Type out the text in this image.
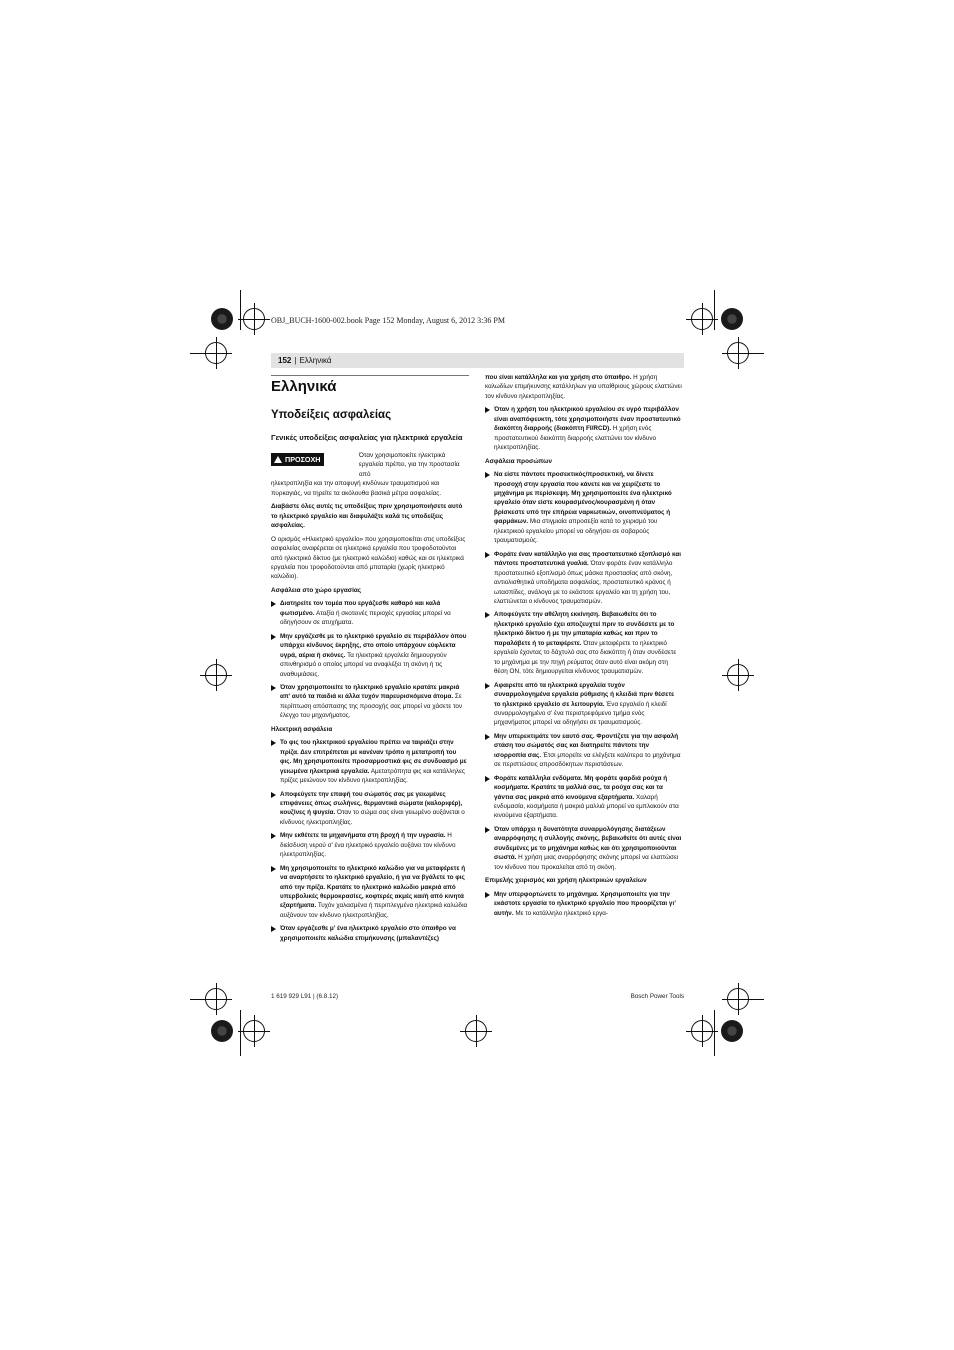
OBJ_BUCH-1600-002.book Page 152 Monday, August 6, 2012 3:36 PM
152 | Ελληνικά
Ελληνικά
Υποδείξεις ασφαλείας
Γενικές υποδείξεις ασφαλείας για ηλεκτρικά εργαλεία
ΠΡΟΣΟΧΗ	Όταν χρησιμοποιείτε ηλεκτρικά εργαλεία πρέπει, για την προστασία από

ηλεκτροπληξία και την αποφυγή κινδύνων τραυματισμού και πυρκαγιάς, να τηρείτε τα ακόλουθα βασικά μέτρα ασφαλείας.

Διαβάστε όλες αυτές τις υποδείξεις πριν χρησιμοποιήσετε αυτό το ηλεκτρικό εργαλείο και διαφυλάξτε καλά τις υποδείξεις ασφαλείας.

Ο ορισμός «Ηλεκτρικό εργαλείο» που χρησιμοποιείται στις υποδείξεις ασφαλείας αναφέρεται σε ηλεκτρικά εργαλεία που τροφοδοτούνται από ηλεκτρικό δίκτυο (με ηλεκτρικό καλώδιο) καθώς και σε ηλεκτρικά εργαλεία που τροφοδοτούνται από μπαταρία (χωρίς ηλεκτρικό καλώδιο).

Ασφάλεια στο χώρο εργασίας
Διατηρείτε τον τομέα που εργάζεσθε καθαρό και καλά φωτισμένο. Αταξία ή σκοτεινές περιοχές εργασίας μπορεί να οδηγήσουν σε ατυχήματα.
Μην εργάζεσθε με το ηλεκτρικό εργαλείο σε περιβάλλον όπου υπάρχει κίνδυνος έκρηξης, στο οποίο υπάρχουν εύφλεκτα υγρά, αέρια ή σκόνες. Τα ηλεκτρικά εργαλεία δημιουργούν σπινθηρισμό ο οποίος μπορεί να αναφλέξει τη σκόνη ή τις αναθυμιάσεις.
Όταν χρησιμοποιείτε το ηλεκτρικό εργαλείο κρατάτε μακριά απ’ αυτό τα παιδιά κι άλλα τυχόν παρευρισκόμενα άτομα. Σε περίπτωση απόσπασης της προσοχής σας μπορεί να χάσετε τον έλεγχο του μηχανήματος.
Ηλεκτρική ασφάλεια
Το φις του ηλεκτρικού εργαλείου πρέπει να ταιριάζει στην πρίζα. Δεν επιτρέπεται με κανέναν τρόπο η μετατροπή του φις. Μη χρησιμοποιείτε προσαρμοστικά φις σε συνδυασμό με γειωμένα ηλεκτρικά εργαλεία. Αμετατρόπητα φις και κατάλληλες πρίζες μειώνουν τον κίνδυνο ηλεκτροπληξίας.
Αποφεύγετε την επαφή του σώματός σας με γειωμένες επιφάνειες όπως σωλήνες, θερμαντικά σώματα (καλοριφέρ), κουζίνες ή ψυγεία. Όταν το σώμα σας είναι γειωμένο αυξάνεται ο κίνδυνος ηλεκτροπληξίας.
Μην εκθέτετε τα μηχανήματα στη βροχή ή την υγρασία. Η διείσδυση νερού σ’ ένα ηλεκτρικό εργαλείο αυξάνει τον κίνδυνο ηλεκτροπληξίας.
Μη χρησιμοποιείτε το ηλεκτρικό καλώδιο για να μεταφέρετε ή να αναρτήσετε το ηλεκτρικό εργαλείο, ή για να βγάλετε το φις από την πρίζα. Κρατάτε το ηλεκτρικό καλώδιο μακριά από υπερβολικές θερμοκρασίες, κοφτερές ακμές και/ή από κινητά εξαρτήματα. Τυχόν χαλασμένα ή περιπλεγμένα ηλεκτρικά καλώδια αυξάνουν τον κίνδυνο ηλεκτροπληξίας.
Όταν εργάζεσθε μ’ ένα ηλεκτρικό εργαλείο στο ύπαιθρο να χρησιμοποιείτε καλώδια επιμήκυνσης (μπαλαντέζες)

που είναι κατάλληλα και για χρήση στο ύπαιθρο. Η χρήση καλωδίων επιμήκυνσης κατάλληλων για υπαίθριους χώρους ελαττώνει τον κίνδυνο ηλεκτροπληξίας.

Όταν η χρήση του ηλεκτρικού εργαλείου σε υγρό περιβάλλον είναι αναπόφευκτη, τότε χρησιμοποιήστε έναν προστατευτικό διακόπτη διαρροής (διακόπτη FI/RCD). Η χρήση ενός προστατευτικού διακόπτη διαρροής ελαττώνει τον κίνδυνο ηλεκτροπληξίας.
Ασφάλεια προσώπων
Να είστε πάντοτε προσεκτικός/προσεκτική, να δίνετε προσοχή στην εργασία που κάνετε και να χειρίζεστε το μηχάνημα με περίσκεψη. Μη χρησιμοποιείτε ένα ηλεκτρικό εργαλείο όταν είστε κουρασμένος/κουρασμένη ή όταν βρίσκεστε υπό την επήρεια ναρκωτικών, οινοπνεύματος ή φαρμάκων. Μια στιγμιαία απροσεξία κατά το χειρισμό του ηλεκτρικού εργαλείου μπορεί να οδηγήσει σε σοβαρούς τραυματισμούς.
Φοράτε έναν κατάλληλο για σας προστατευτικό εξοπλισμό και πάντοτε προστατευτικά γυαλιά. Όταν φοράτε έναν κατάλληλο προστατευτικό εξοπλισμό όπως μάσκα προστασίας από σκόνη, αντιολισθητικά υποδήματα ασφαλείας, προστατευτικό κράνος ή ωτασπίδες, ανάλογα με το εκάστοτε εργαλείο και τη χρήση του, ελαττώνεται ο κίνδυνος τραυματισμών.
Αποφεύγετε την αθέλητη εκκίνηση. Βεβαιωθείτε ότι το ηλεκτρικό εργαλείο έχει αποζευχτεί πριν το συνδέσετε με το ηλεκτρικό δίκτυο ή με την μπαταρία καθώς και πριν το παραλάβετε ή το μεταφέρετε. Όταν μεταφέρετε το ηλεκτρικό εργαλείο έχοντας το δάχτυλό σας στο διακόπτη ή όταν συνδέσετε το μηχάνημα με την πηγή ρεύματος όταν αυτό είναι ακόμη στη θέση ON, τότε δημιουργείται κίνδυνος τραυματισμών.
Αφαιρείτε από τα ηλεκτρικά εργαλεία τυχόν συναρμολογημένα εργαλεία ρύθμισης ή κλειδιά πριν θέσετε το ηλεκτρικό εργαλείο σε λειτουργία. Ένα εργαλείο ή κλειδί συναρμολογημένο σ’ ένα περιστρεφόμενο τμήμα ενός μηχανήματος μπορεί να οδηγήσει σε τραυματισμούς.
Μην υπερεκτιμάτε τον εαυτό σας. Φροντίζετε για την ασφαλή στάση του σώματός σας και διατηρείτε πάντοτε την ισορροπία σας. Έτσι μπορείτε να ελέγξετε καλύτερα το μηχάνημα σε περιπτώσεις απροσδόκητων περιστάσεων.
Φοράτε κατάλληλα ενδύματα. Μη φοράτε φαρδιά ρούχα ή κοσμήματα. Κρατάτε τα μαλλιά σας, τα ρούχα σας και τα γάντια σας μακριά από κινούμενα εξαρτήματα. Χαλαρή ενδυμασία, κοσμήματα ή μακριά μαλλιά μπορεί να εμπλακούν στα κινούμενα εξαρτήματα.
Όταν υπάρχει η δυνατότητα συναρμολόγησης διατάξεων αναρρόφησης ή συλλογής σκόνης, βεβαιωθείτε ότι αυτές είναι συνδεμένες με το μηχάνημα καθώς και ότι χρησιμοποιούνται σωστά. Η χρήση μιας αναρρόφησης σκόνης μπορεί να ελαττώσει τον κίνδυνο που προκαλείται από τη σκόνη.
Επιμελής χειρισμός και χρήση ηλεκτρικών εργαλείων
Μην υπερφορτώνετε το μηχάνημα. Χρησιμοποιείτε για την εκάστοτε εργασία το ηλεκτρικό εργαλείο που προορίζεται γι’ αυτήν. Με το κατάλληλο ηλεκτρικό εργα-
1 619 929 L91 | (6.8.12)	Bosch Power Tools
